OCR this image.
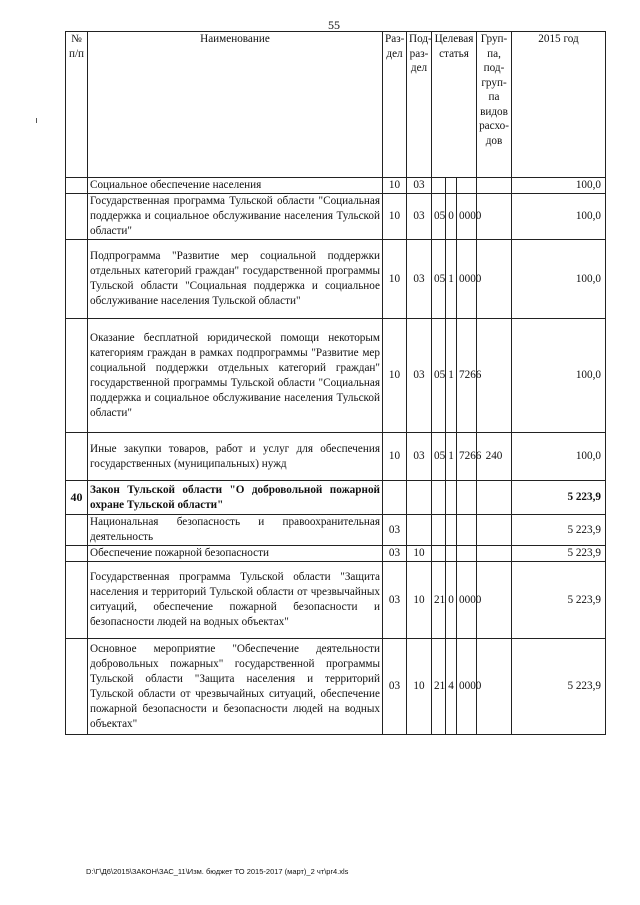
55
№ п/п	Наименование	Раз-дел	Под-раз-дел	Целевая статья			Груп-па, под-груп-па видов расхо-дов	2015 год
	Социальное обеспечение населения	10	03					100,0
	Государственная программа Тульской области "Социальная поддержка и социальное обслуживание населения Тульской области"	10	03	05	0	0000		100,0
	Подпрограмма "Развитие мер социальной поддержки отдельных категорий граждан" государственной программы Тульской области "Социальная поддержка и социальное обслуживание населения Тульской области"	10	03	05	1	0000		100,0
	Оказание бесплатной юридической помощи некоторым категориям граждан в рамках подпрограммы "Развитие мер социальной поддержки отдельных категорий граждан" государственной программы Тульской области "Социальная поддержка и социальное обслуживание населения Тульской области"	10	03	05	1	7266		100,0
	Иные закупки товаров, работ и услуг для обеспечения государственных (муниципальных) нужд	10	03	05	1	7266	240	100,0
40	Закон Тульской области "О добровольной пожарной охране Тульской области"							5 223,9
	Национальная безопасность и правоохранительная деятельность	03						5 223,9
	Обеспечение пожарной безопасности	03	10					5 223,9
	Государственная программа Тульской области "Защита населения и территорий Тульской области от чрезвычайных ситуаций, обеспечение пожарной безопасности и безопасности людей на водных объектах"	03	10	21	0	0000		5 223,9
	Основное мероприятие "Обеспечение деятельности добровольных пожарных" государственной программы Тульской области "Защита населения и территорий Тульской области от чрезвычайных ситуаций, обеспечение пожарной безопасности и безопасности людей на водных объектах"	03	10	21	4	0000		5 223,9
D:\Г\Д6\2015\ЗАКОН\ЗАС_11\Изм. бюджет ТО 2015-2017 (март)_2 чт\pr4.xls
